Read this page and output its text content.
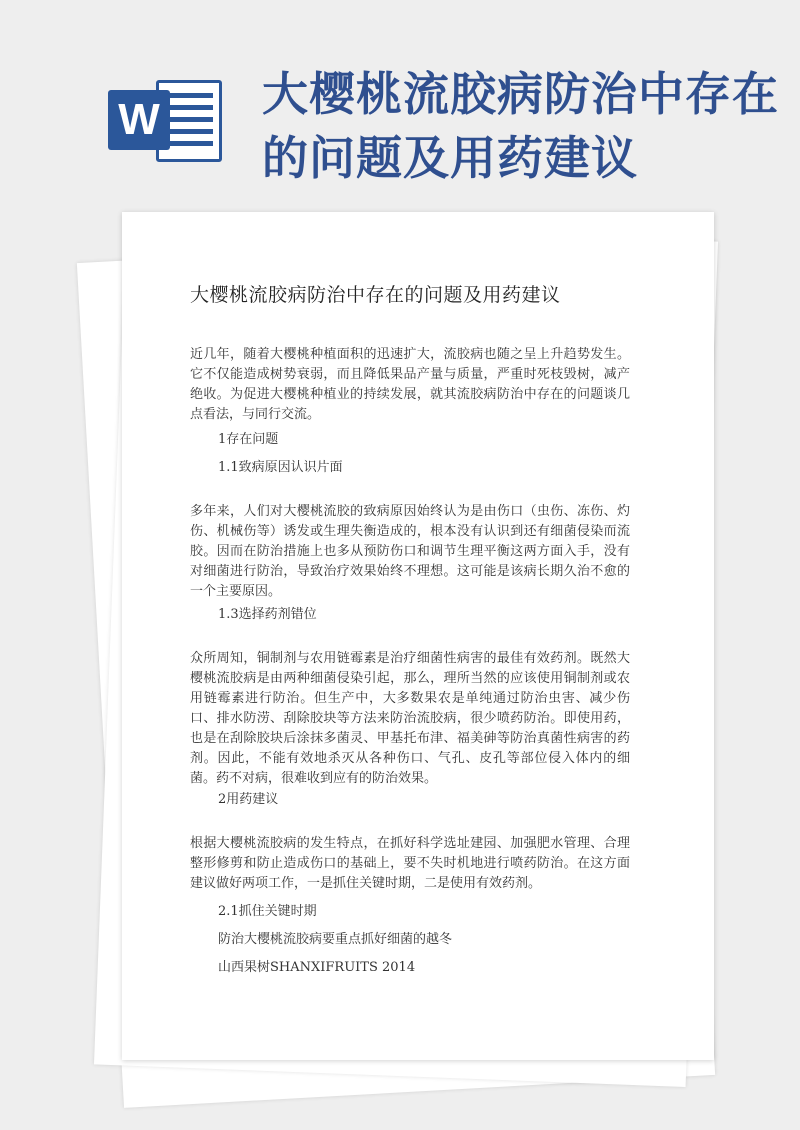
W 大樱桃流胶病防治中存在的问题及用药建议
大樱桃流胶病防治中存在的问题及用药建议

近几年，随着大樱桃种植面积的迅速扩大，流胶病也随之呈上升趋势发生。它不仅能造成树势衰弱，而且降低果品产量与质量，严重时死枝毁树，减产绝收。为促进大樱桃种植业的持续发展，就其流胶病防治中存在的问题谈几点看法，与同行交流。

1存在问题

1.1致病原因认识片面

多年来，人们对大樱桃流胶的致病原因始终认为是由伤口（虫伤、冻伤、灼伤、机械伤等）诱发或生理失衡造成的，根本没有认识到还有细菌侵染而流胶。因而在防治措施上也多从预防伤口和调节生理平衡这两方面入手，没有对细菌进行防治，导致治疗效果始终不理想。这可能是该病长期久治不愈的一个主要原因。

1.3选择药剂错位

众所周知，铜制剂与农用链霉素是治疗细菌性病害的最佳有效药剂。既然大樱桃流胶病是由两种细菌侵染引起，那么，理所当然的应该使用铜制剂或农用链霉素进行防治。但生产中，大多数果农是单纯通过防治虫害、减少伤口、排水防涝、刮除胶块等方法来防治流胶病，很少喷药防治。即使用药，也是在刮除胶块后涂抹多菌灵、甲基托布津、福美砷等防治真菌性病害的药剂。因此，不能有效地杀灭从各种伤口、气孔、皮孔等部位侵入体内的细菌。药不对病，很难收到应有的防治效果。

2用药建议

根据大樱桃流胶病的发生特点，在抓好科学选址建园、加强肥水管理、合理整形修剪和防止造成伤口的基础上，要不失时机地进行喷药防治。在这方面建议做好两项工作，一是抓住关键时期，二是使用有效药剂。

2.1抓住关键时期

防治大樱桃流胶病要重点抓好细菌的越冬

山西果树SHANXIFRUITS 2014
